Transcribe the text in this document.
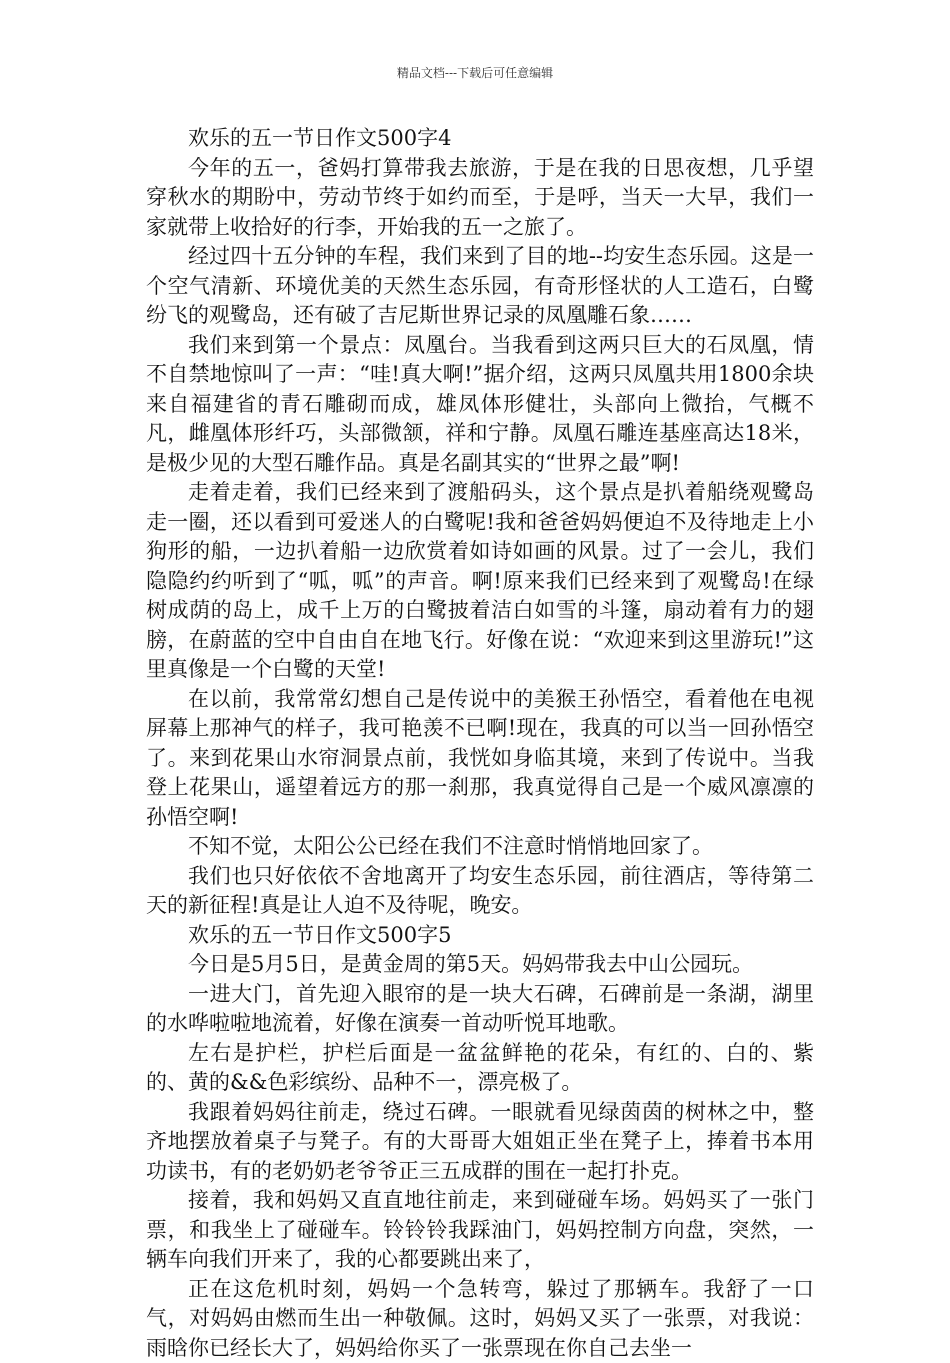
精品文档---下载后可任意编辑

欢乐的五一节日作文500字4

今年的五一，爸妈打算带我去旅游，于是在我的日思夜想，几乎望穿秋水的期盼中，劳动节终于如约而至，于是呼，当天一大早，我们一家就带上收拾好的行李，开始我的五一之旅了。

经过四十五分钟的车程，我们来到了目的地--均安生态乐园。这是一个空气清新、环境优美的天然生态乐园，有奇形怪状的人工造石，白鹭纷飞的观鹭岛，还有破了吉尼斯世界记录的凤凰雕石象……

我们来到第一个景点：凤凰台。当我看到这两只巨大的石凤凰，情不自禁地惊叫了一声：“哇!真大啊!”据介绍，这两只凤凰共用1800余块来自福建省的青石雕砌而成，雄凤体形健壮，头部向上微抬，气概不凡，雌凰体形纤巧，头部微颔，祥和宁静。凤凰石雕连基座高达18米，是极少见的大型石雕作品。真是名副其实的“世界之最”啊!

走着走着，我们已经来到了渡船码头，这个景点是扒着船绕观鹭岛走一圈，还以看到可爱迷人的白鹭呢!我和爸爸妈妈便迫不及待地走上小狗形的船，一边扒着船一边欣赏着如诗如画的风景。过了一会儿，我们隐隐约约听到了“呱，呱”的声音。啊!原来我们已经来到了观鹭岛!在绿树成荫的岛上，成千上万的白鹭披着洁白如雪的斗篷，扇动着有力的翅膀，在蔚蓝的空中自由自在地飞行。好像在说：“欢迎来到这里游玩!”这里真像是一个白鹭的天堂!

在以前，我常常幻想自己是传说中的美猴王孙悟空，看着他在电视屏幕上那神气的样子，我可艳羡不已啊!现在，我真的可以当一回孙悟空了。来到花果山水帘洞景点前，我恍如身临其境，来到了传说中。当我登上花果山，遥望着远方的那一刹那，我真觉得自己是一个威风凛凛的孙悟空啊!

不知不觉，太阳公公已经在我们不注意时悄悄地回家了。

我们也只好依依不舍地离开了均安生态乐园，前往酒店，等待第二天的新征程!真是让人迫不及待呢，晚安。

欢乐的五一节日作文500字5

今日是5月5日，是黄金周的第5天。妈妈带我去中山公园玩。

一进大门，首先迎入眼帘的是一块大石碑，石碑前是一条湖，湖里的水哗啦啦地流着，好像在演奏一首动听悦耳地歌。

左右是护栏，护栏后面是一盆盆鲜艳的花朵，有红的、白的、紫的、黄的&&色彩缤纷、品种不一，漂亮极了。

我跟着妈妈往前走，绕过石碑。一眼就看见绿茵茵的树林之中，整齐地摆放着桌子与凳子。有的大哥哥大姐姐正坐在凳子上，捧着书本用功读书，有的老奶奶老爷爷正三五成群的围在一起打扑克。

接着，我和妈妈又直直地往前走，来到碰碰车场。妈妈买了一张门票，和我坐上了碰碰车。铃铃铃我踩油门，妈妈控制方向盘，突然，一辆车向我们开来了，我的心都要跳出来了，

正在这危机时刻，妈妈一个急转弯，躲过了那辆车。我舒了一口气，对妈妈由燃而生出一种敬佩。这时，妈妈又买了一张票，对我说：雨晗你已经长大了，妈妈给你买了一张票现在你自己去坐一
